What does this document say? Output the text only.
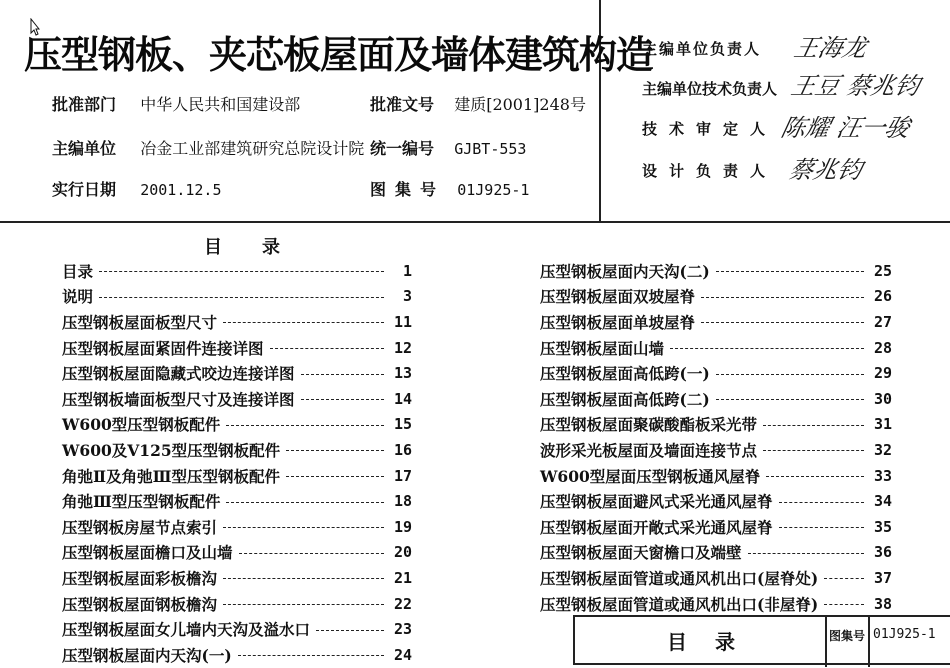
压型钢板、夹芯板屋面及墙体建筑构造
批准部门 中华人民共和国建设部	批准文号 建质[2001]248号
主编单位 冶金工业部建筑研究总院设计院 统一编号 GJBT-553
实行日期 2001.12.5	图集号 01J925-1
主编单位负责人 王海龙
主编单位技术负责人 王豆 蔡兆钧
技术审定人 陈耀 汪一骏
设计负责人 蔡兆钧
目录
目录	1
说明	3
压型钢板屋面板型尺寸	11
压型钢板屋面紧固件连接详图	12
压型钢板屋面隐藏式咬边连接详图	13
压型钢板墙面板型尺寸及连接详图	14
W600型压型钢板配件	15
W600及V125型压型钢板配件	16
角弛Ⅱ及角弛Ⅲ型压型钢板配件	17
角弛Ⅲ型压型钢板配件	18
压型钢板房屋节点索引	19
压型钢板屋面檐口及山墙	20
压型钢板屋面彩板檐沟	21
压型钢板屋面钢板檐沟	22
压型钢板屋面女儿墙内天沟及溢水口	23
压型钢板屋面内天沟(一)	24
压型钢板屋面内天沟(二)	25
压型钢板屋面双坡屋脊	26
压型钢板屋面单坡屋脊	27
压型钢板屋面山墙	28
压型钢板屋面高低跨(一)	29
压型钢板屋面高低跨(二)	30
压型钢板屋面聚碳酸酯板采光带	31
波形采光板屋面及墙面连接节点	32
W600型屋面压型钢板通风屋脊	33
压型钢板屋面避风式采光通风屋脊	34
压型钢板屋面开敞式采光通风屋脊	35
压型钢板屋面天窗檐口及端壁	36
压型钢板屋面管道或通风机出口(屋脊处)	37
压型钢板屋面管道或通风机出口(非屋脊)	38
目录	图集号 01J925-1
